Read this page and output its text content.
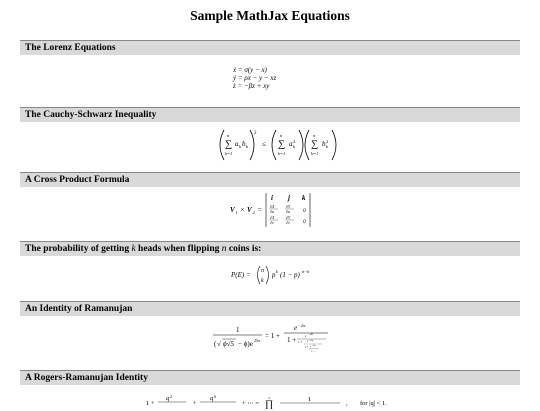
Sample MathJax Equations
The Lorenz Equations
ẋ = σ(y − x)
ẏ = ρx − y − xz
ż = −βz + xy
The Cauchy-Schwarz Inequality
n
∑
k=1
a k b k
2
≤
n
∑
k=1
a 2
k
n
∑
k=1
b 2
k
A Cross Product Formula
V 1 × V 2 =
i j k
∂X
∂u
∂Y
∂u
∂X
∂v
∂Y
∂v
0
0
The probability of getting k heads when flipping n coins is:
P(E) = n
k
p k (1 − p) n−k
An Identity of Ramanujan
1
( √ ϕ√5 − ϕ)e 25π
= 1 +
e −2π
1 +	e −4π
1 + e −6π
1+ e −8π
1+…
A Rogers-Ramanujan Identity
1 +
q 2
+
q 6
+ ⋯ =
∞
∏	1
, for |q| < 1.
